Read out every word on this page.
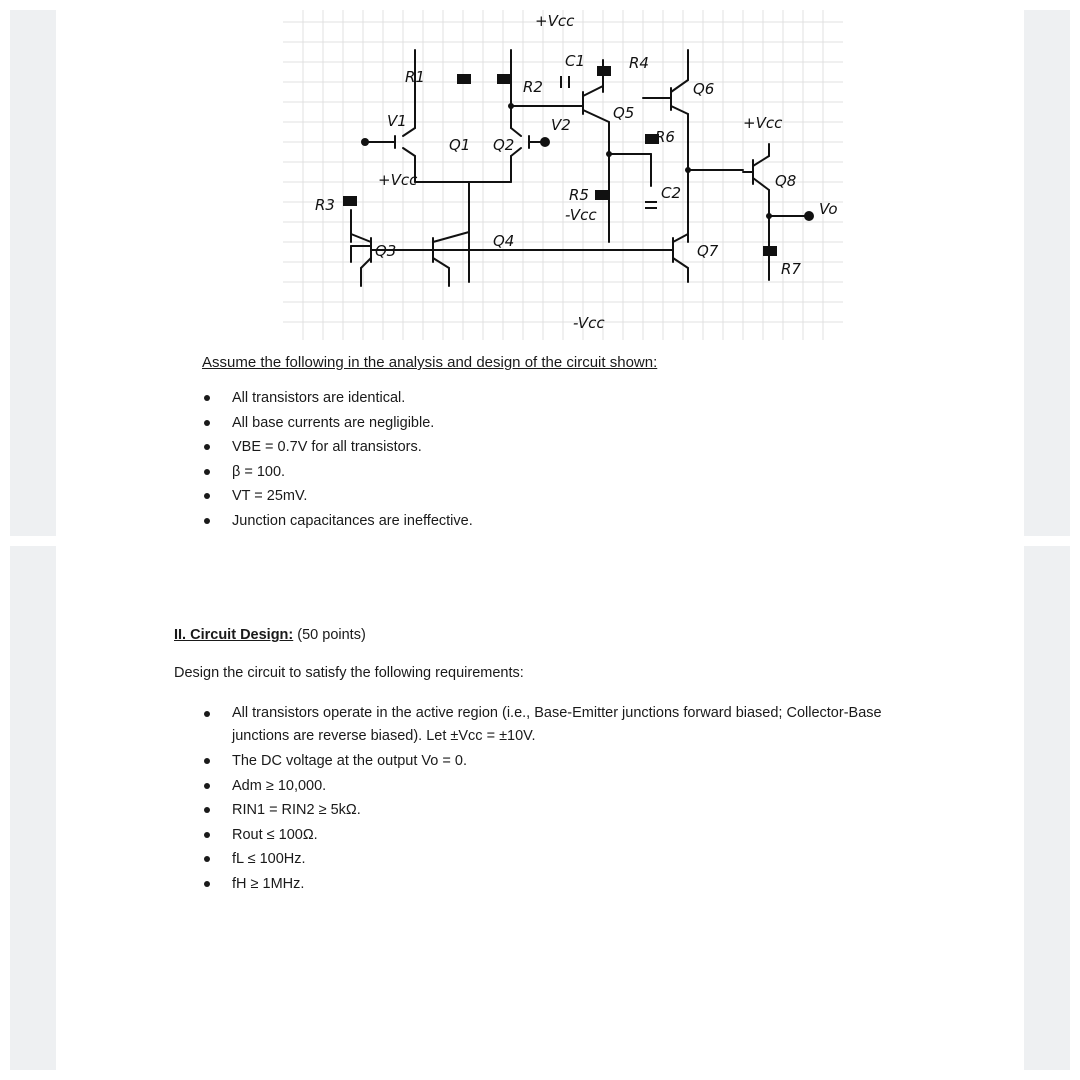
+Vcc
+Vcc
+Vcc
-Vcc
-Vcc
R1
R2
R3
R4
R5
R6
R7
C1
C2
Q1 Q2
Q3
Q4
Q5
Q6
Q7
Q8
V1	V2
Vo
Assume the following in the analysis and design of the circuit shown:
All transistors are identical.
All base currents are negligible.
VBE = 0.7V for all transistors.
β = 100.
VT = 25mV.
Junction capacitances are ineffective.
II. Circuit Design: (50 points)
Design the circuit to satisfy the following requirements:
All transistors operate in the active region (i.e., Base-Emitter junctions forward biased; Collector-Base junctions are reverse biased). Let ±Vcc = ±10V.
The DC voltage at the output Vo = 0.
Adm ≥ 10,000.
RIN1 = RIN2 ≥ 5kΩ.
Rout ≤ 100Ω.
fL ≤ 100Hz.
fH ≥ 1MHz.
